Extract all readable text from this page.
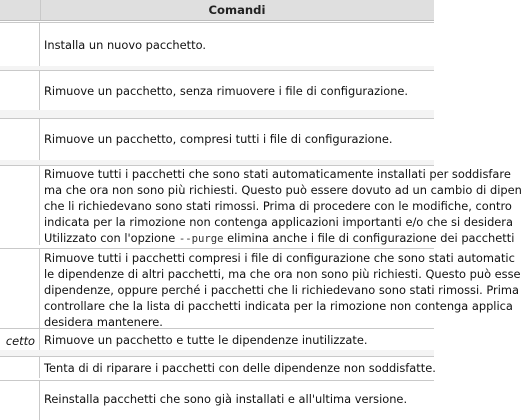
Comandi
Installa un nuovo pacchetto.
Rimuove un pacchetto, senza rimuovere i file di configurazione.
Rimuove un pacchetto, compresi tutti i file di configurazione.
Rimuove tutti i pacchetti che sono stati automaticamente installati per soddisfare
ma che ora non sono più richiesti. Questo può essere dovuto ad un cambio di dipen
che li richiedevano sono stati rimossi. Prima di procedere con le modifiche, contro
indicata per la rimozione non contenga applicazioni importanti e/o che si desidera
Utilizzato con l'opzione --purge elimina anche i file di configurazione dei pacchetti
Rimuove tutti i pacchetti compresi i file di configurazione che sono stati automatic
le dipendenze di altri pacchetti, ma che ora non sono più richiesti. Questo può esse
dipendenze, oppure perché i pacchetti che li richiedevano sono stati rimossi. Prima
controllare che la lista di pacchetti indicata per la rimozione non contenga applica
desidera mantenere.
cetto Rimuove un pacchetto e tutte le dipendenze inutilizzate.
Tenta di di riparare i pacchetti con delle dipendenze non soddisfatte.
Reinstalla pacchetti che sono già installati e all'ultima versione.
